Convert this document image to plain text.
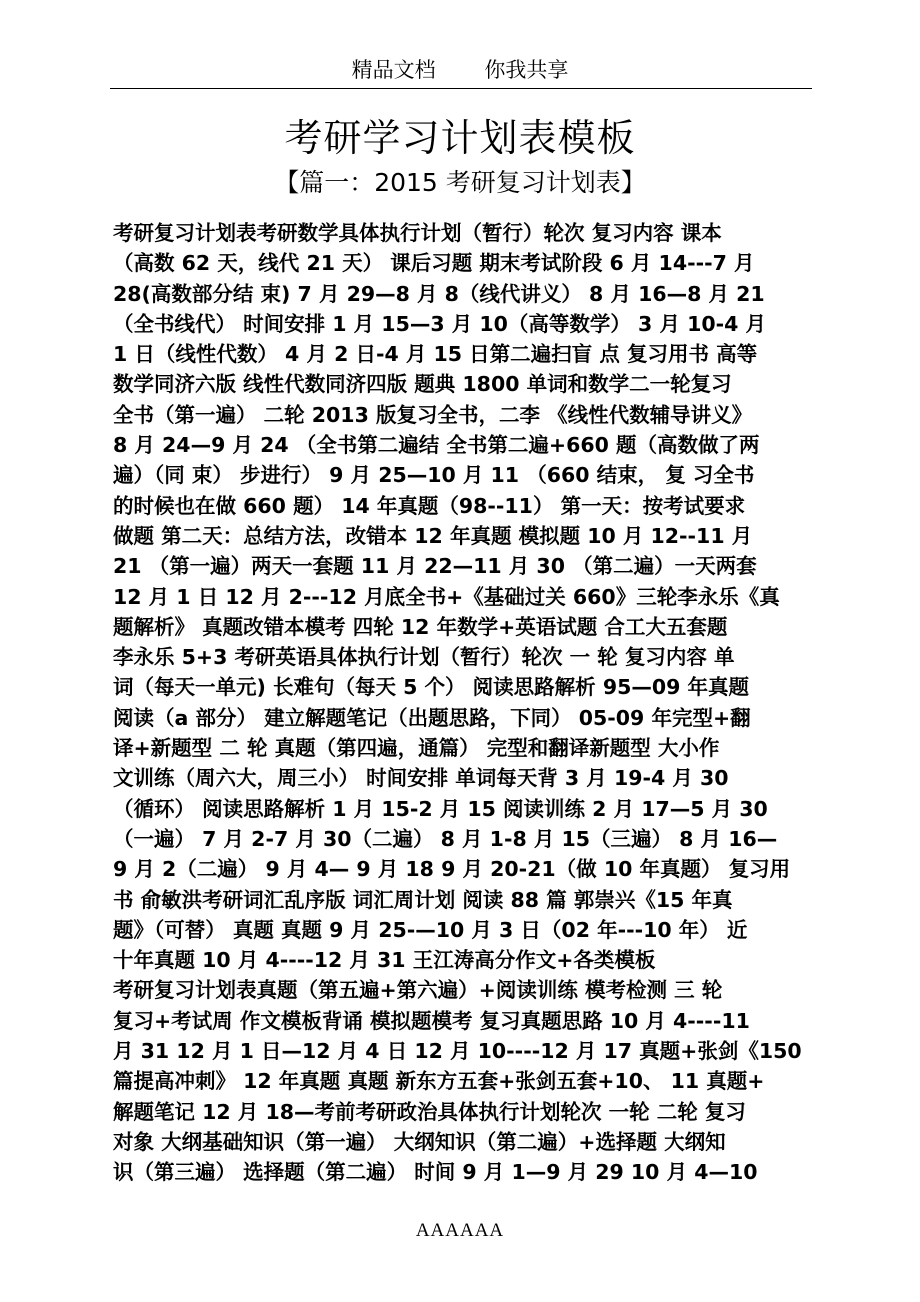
精品文档 你我共享
考研学习计划表模板
【篇一：2015 考研复习计划表】
考研复习计划表考研数学具体执行计划（暂行）轮次 复习内容 课本
（高数 62 天，线代 21 天） 课后习题 期末考试阶段 6 月 14---7 月
28(高数部分结 束) 7 月 29—8 月 8（线代讲义） 8 月 16—8 月 21
（全书线代） 时间安排 1 月 15—3 月 10（高等数学） 3 月 10-4 月
1 日（线性代数） 4 月 2 日-4 月 15 日第二遍扫盲 点 复习用书 高等
数学同济六版 线性代数同济四版 题典 1800 单词和数学二一轮复习
全书（第一遍） 二轮 2013 版复习全书，二李 《线性代数辅导讲义》
8 月 24—9 月 24 （全书第二遍结 全书第二遍+660 题（高数做了两
遍）（同 束） 步进行） 9 月 25—10 月 11 （660 结束， 复 习全书
的时候也在做 660 题） 14 年真题（98--11） 第一天：按考试要求
做题 第二天：总结方法，改错本 12 年真题 模拟题 10 月 12--11 月
21 （第一遍）两天一套题 11 月 22—11 月 30 （第二遍）一天两套
12 月 1 日 12 月 2---12 月底全书+《基础过关 660》三轮李永乐《真
题解析》 真题改错本模考 四轮 12 年数学+英语试题 合工大五套题
李永乐 5+3 考研英语具体执行计划（暂行）轮次 一 轮 复习内容 单
词（每天一单元) 长难句（每天 5 个） 阅读思路解析 95—09 年真题
阅读（a 部分） 建立解题笔记（出题思路，下同） 05-09 年完型+翻
译+新题型 二 轮 真题（第四遍，通篇） 完型和翻译新题型 大小作
文训练（周六大，周三小） 时间安排 单词每天背 3 月 19-4 月 30
（循环） 阅读思路解析 1 月 15-2 月 15 阅读训练 2 月 17—5 月 30
（一遍） 7 月 2-7 月 30（二遍） 8 月 1-8 月 15（三遍） 8 月 16—
9 月 2（二遍） 9 月 4— 9 月 18 9 月 20-21（做 10 年真题） 复习用
书 俞敏洪考研词汇乱序版 词汇周计划 阅读 88 篇 郭崇兴《15 年真
题》（可替） 真题 真题 9 月 25-—10 月 3 日（02 年---10 年） 近
十年真题 10 月 4----12 月 31 王江涛高分作文+各类模板
考研复习计划表真题（第五遍+第六遍）+阅读训练 模考检测 三 轮
复习+考试周 作文模板背诵 模拟题模考 复习真题思路 10 月 4----11
月 31 12 月 1 日—12 月 4 日 12 月 10----12 月 17 真题+张剑《150
篇提高冲刺》 12 年真题 真题 新东方五套+张剑五套+10、 11 真题+
解题笔记 12 月 18—考前考研政治具体执行计划轮次 一轮 二轮 复习
对象 大纲基础知识（第一遍） 大纲知识（第二遍）+选择题 大纲知
识（第三遍） 选择题（第二遍） 时间 9 月 1—9 月 29 10 月 4—10
AAAAAA
